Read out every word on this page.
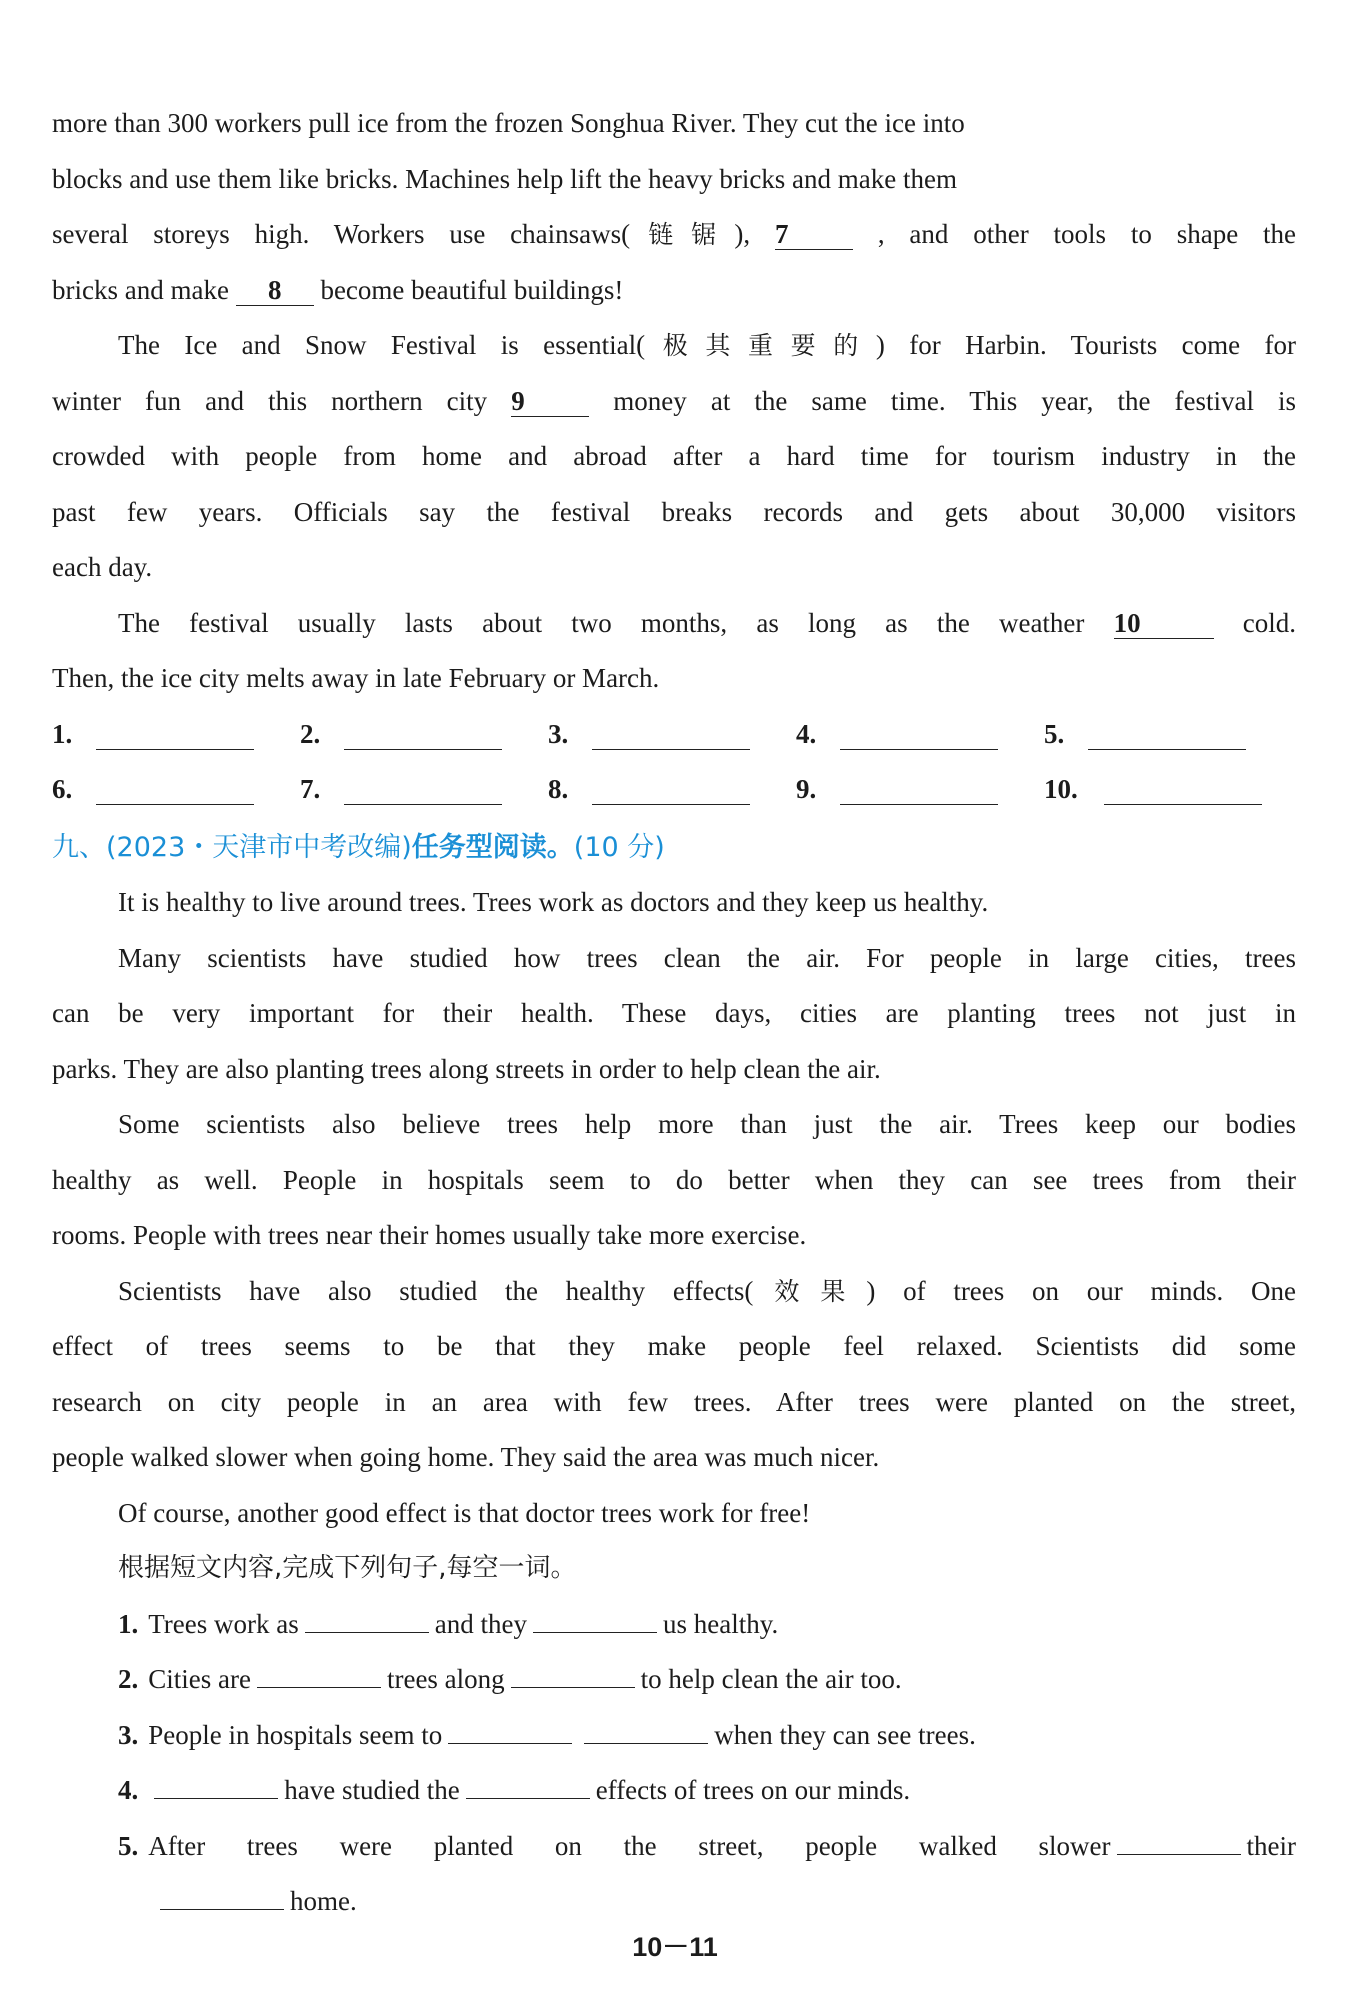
more than 300 workers pull ice from the frozen Songhua River. They cut the ice into

blocks and use them like bricks. Machines help lift the heavy bricks and make them

several storeys high. Workers use chainsaws(链锯), 7	, and other tools to shape the

bricks and make 8 become beautiful buildings!

The Ice and Snow Festival is essential(极其重要的) for Harbin. Tourists come for

winter fun and this northern city 9	money at the same time. This year, the festival is

crowded with people from home and abroad after a hard time for tourism industry in the

past few years. Officials say the festival breaks records and gets about 30,000 visitors

each day.

The festival usually lasts about two months, as long as the weather 10	cold.

Then, the ice city melts away in late February or March.

1.	2.	3.	4.	5.
6.	7.	8.	9.	10.

九、(2023・天津市中考改编)任务型阅读。(10 分)

It is healthy to live around trees. Trees work as doctors and they keep us healthy.

Many scientists have studied how trees clean the air. For people in large cities, trees

can be very important for their health. These days, cities are planting trees not just in

parks. They are also planting trees along streets in order to help clean the air.

Some scientists also believe trees help more than just the air. Trees keep our bodies

healthy as well. People in hospitals seem to do better when they can see trees from their

rooms. People with trees near their homes usually take more exercise.

Scientists have also studied the healthy effects(效果) of trees on our minds. One

effect of trees seems to be that they make people feel relaxed. Scientists did some

research on city people in an area with few trees. After trees were planted on the street,

people walked slower when going home. They said the area was much nicer.

Of course, another good effect is that doctor trees work for free!

根据短文内容,完成下列句子,每空一词。

1. Trees work as	and they	us healthy.

2. Cities are	trees along	to help clean the air too.

3. People in hospitals seem to	when they can see trees.

4.	have studied the	effects of trees on our minds.

5. After trees were planted on the street, people walked slower	their

home.

10－11
